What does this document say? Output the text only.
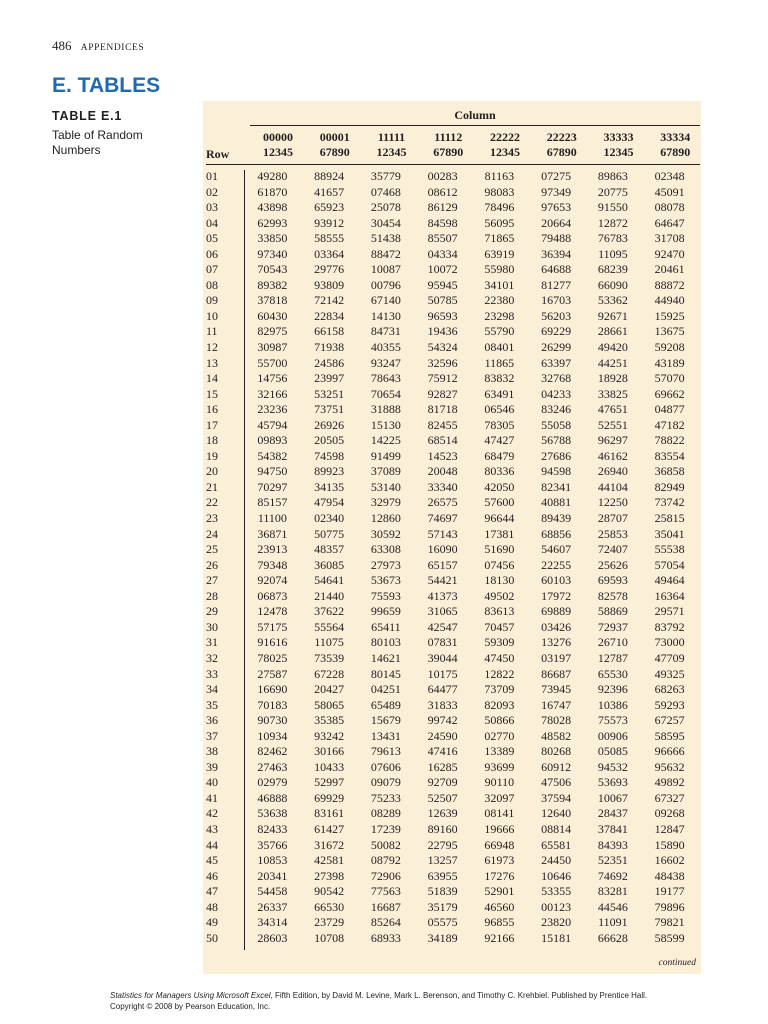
486 APPENDICES
E. TABLES
TABLE E.1
Table of Random Numbers
Column
00000
12345
00001
67890
11111
12345
11112
67890
22222
12345
22223
67890
33333
12345
33334
67890
Row
01	49280	88924	35779	00283	81163	07275	89863	02348
02	61870	41657	07468	08612	98083	97349	20775	45091
03	43898	65923	25078	86129	78496	97653	91550	08078
04	62993	93912	30454	84598	56095	20664	12872	64647
05	33850	58555	51438	85507	71865	79488	76783	31708
06	97340	03364	88472	04334	63919	36394	11095	92470
07	70543	29776	10087	10072	55980	64688	68239	20461
08	89382	93809	00796	95945	34101	81277	66090	88872
09	37818	72142	67140	50785	22380	16703	53362	44940
10	60430	22834	14130	96593	23298	56203	92671	15925
11	82975	66158	84731	19436	55790	69229	28661	13675
12	30987	71938	40355	54324	08401	26299	49420	59208
13	55700	24586	93247	32596	11865	63397	44251	43189
14	14756	23997	78643	75912	83832	32768	18928	57070
15	32166	53251	70654	92827	63491	04233	33825	69662
16	23236	73751	31888	81718	06546	83246	47651	04877
17	45794	26926	15130	82455	78305	55058	52551	47182
18	09893	20505	14225	68514	47427	56788	96297	78822
19	54382	74598	91499	14523	68479	27686	46162	83554
20	94750	89923	37089	20048	80336	94598	26940	36858
21	70297	34135	53140	33340	42050	82341	44104	82949
22	85157	47954	32979	26575	57600	40881	12250	73742
23	11100	02340	12860	74697	96644	89439	28707	25815
24	36871	50775	30592	57143	17381	68856	25853	35041
25	23913	48357	63308	16090	51690	54607	72407	55538
26	79348	36085	27973	65157	07456	22255	25626	57054
27	92074	54641	53673	54421	18130	60103	69593	49464
28	06873	21440	75593	41373	49502	17972	82578	16364
29	12478	37622	99659	31065	83613	69889	58869	29571
30	57175	55564	65411	42547	70457	03426	72937	83792
31	91616	11075	80103	07831	59309	13276	26710	73000
32	78025	73539	14621	39044	47450	03197	12787	47709
33	27587	67228	80145	10175	12822	86687	65530	49325
34	16690	20427	04251	64477	73709	73945	92396	68263
35	70183	58065	65489	31833	82093	16747	10386	59293
36	90730	35385	15679	99742	50866	78028	75573	67257
37	10934	93242	13431	24590	02770	48582	00906	58595
38	82462	30166	79613	47416	13389	80268	05085	96666
39	27463	10433	07606	16285	93699	60912	94532	95632
40	02979	52997	09079	92709	90110	47506	53693	49892
41	46888	69929	75233	52507	32097	37594	10067	67327
42	53638	83161	08289	12639	08141	12640	28437	09268
43	82433	61427	17239	89160	19666	08814	37841	12847
44	35766	31672	50082	22795	66948	65581	84393	15890
45	10853	42581	08792	13257	61973	24450	52351	16602
46	20341	27398	72906	63955	17276	10646	74692	48438
47	54458	90542	77563	51839	52901	53355	83281	19177
48	26337	66530	16687	35179	46560	00123	44546	79896
49	34314	23729	85264	05575	96855	23820	11091	79821
50	28603	10708	68933	34189	92166	15181	66628	58599
continued
Statistics for Managers Using Microsoft Excel, Fifth Edition, by David M. Levine, Mark L. Berenson, and Timothy C. Krehbiel. Published by Prentice Hall.
Copyright © 2008 by Pearson Education, Inc.
